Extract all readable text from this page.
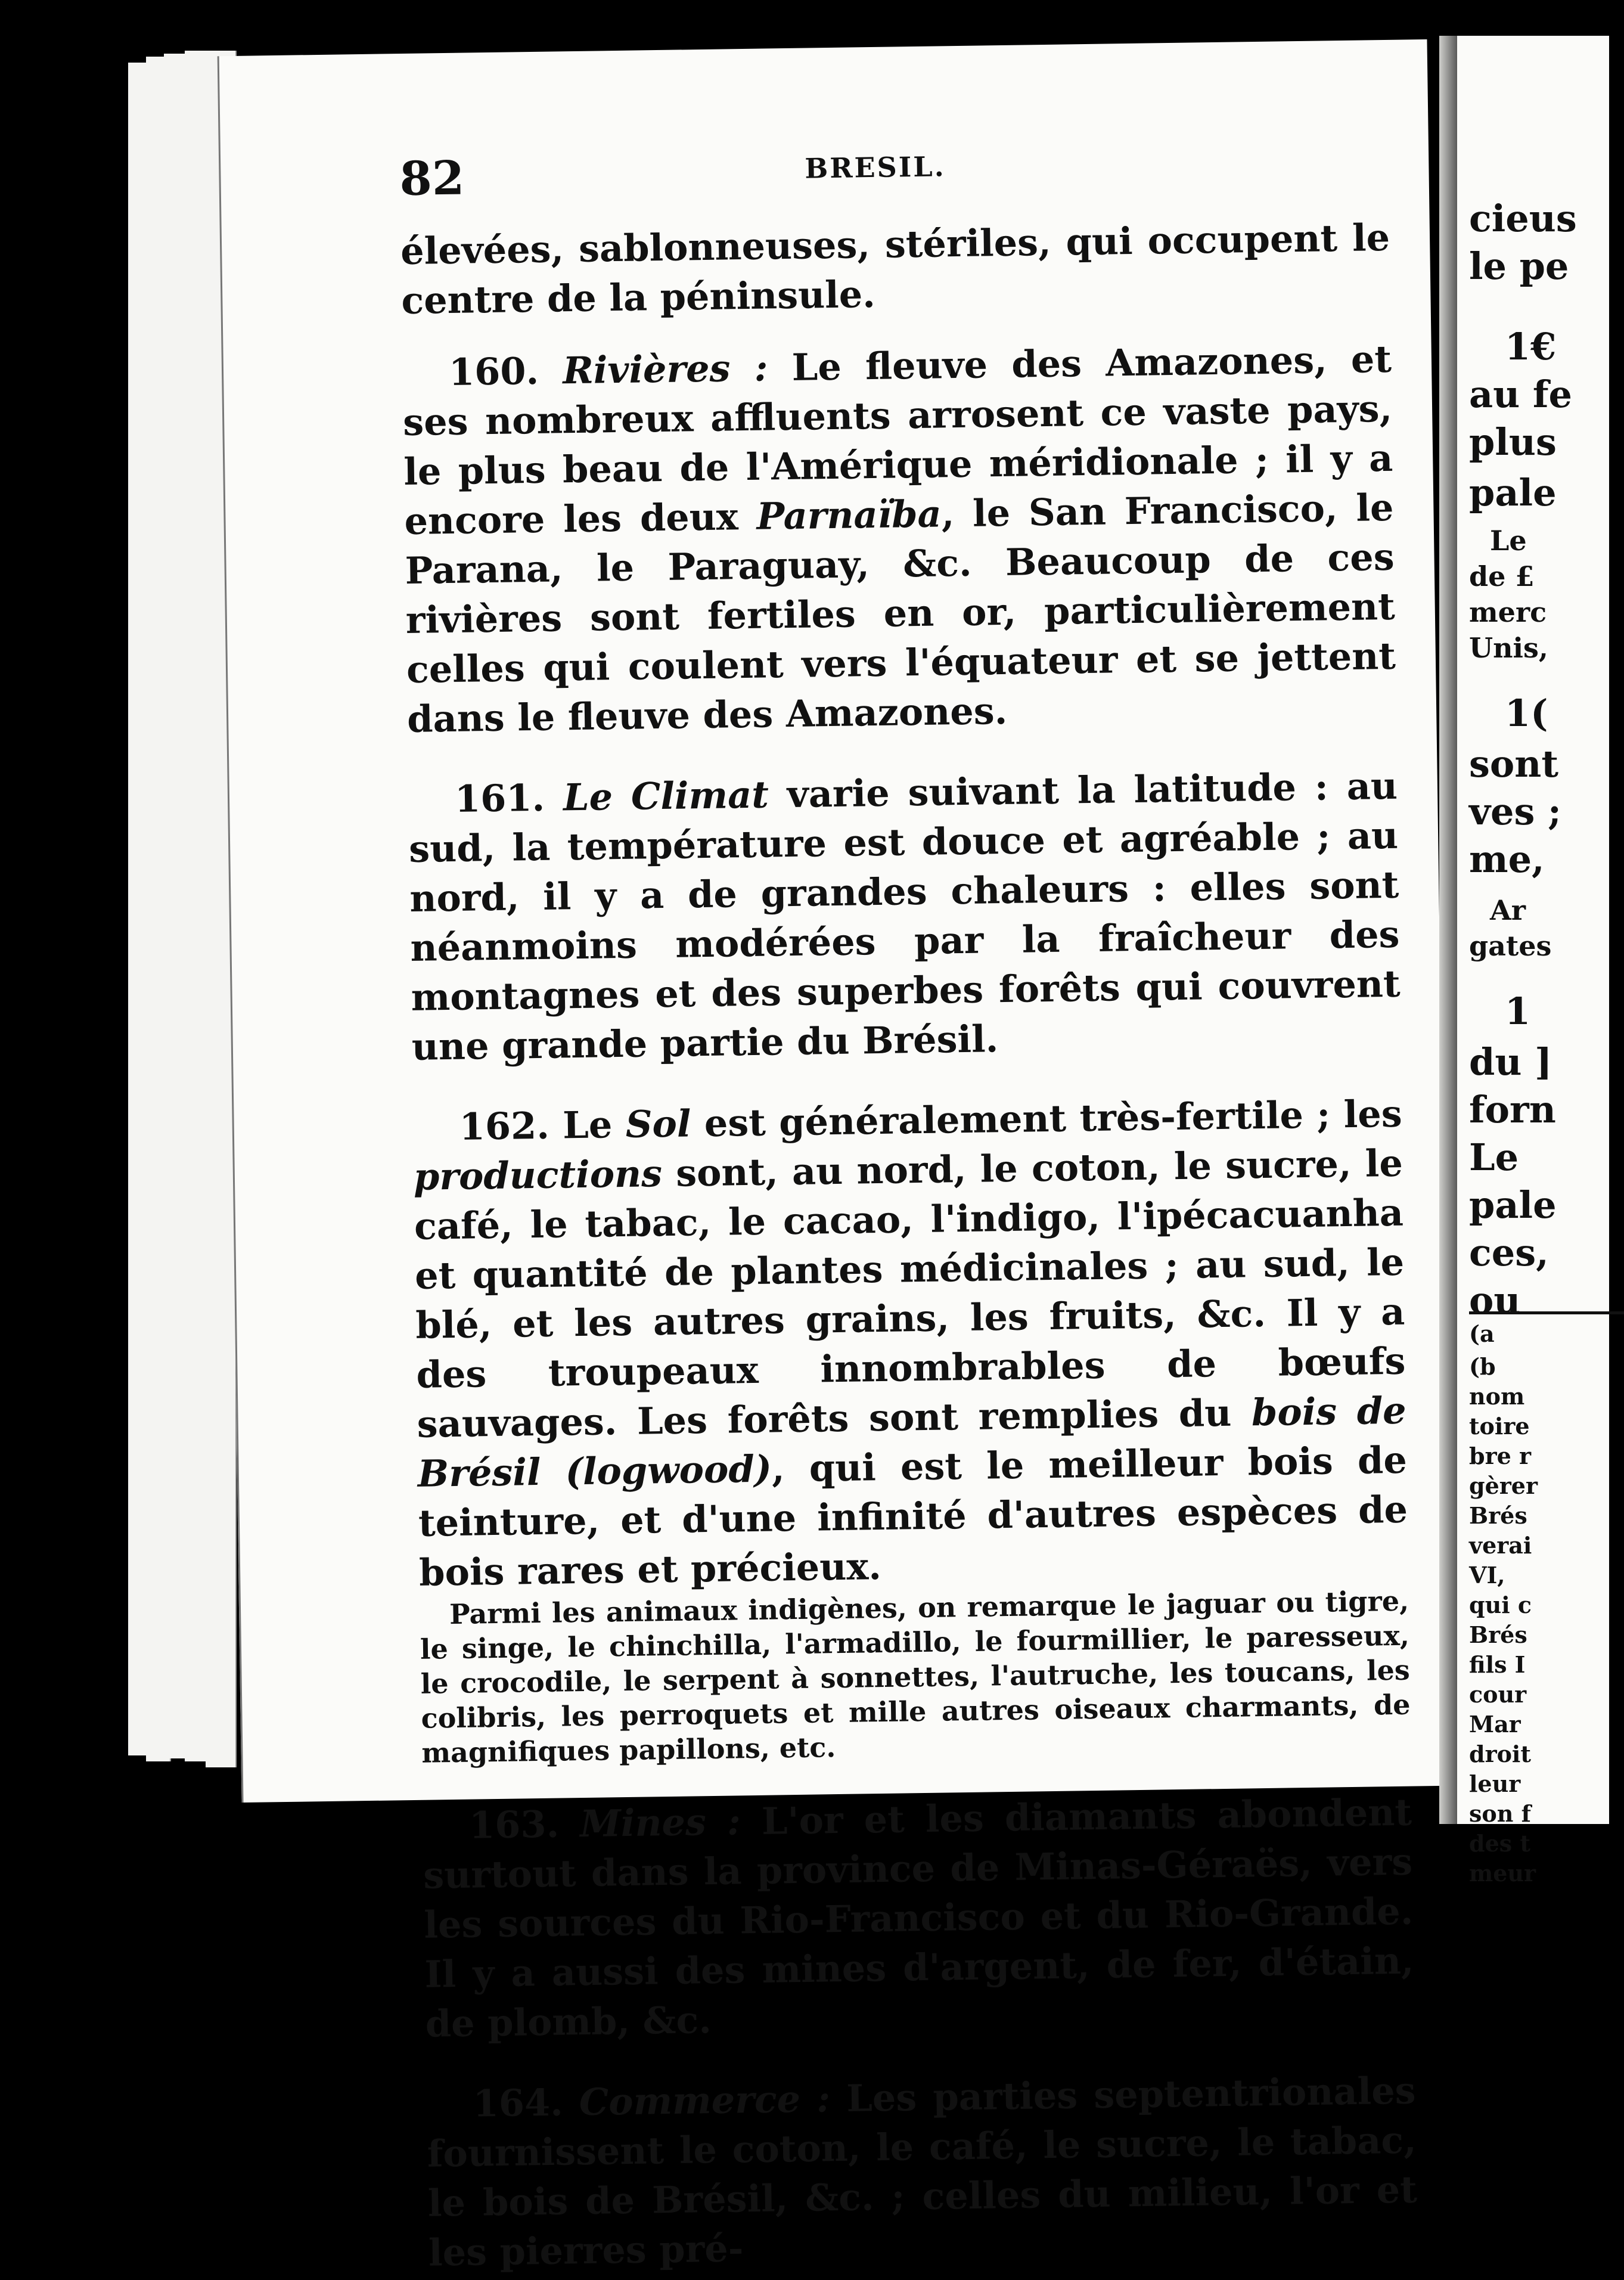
82	BRESIL.

élevées, sablonneuses, stériles, qui occupent le centre de la péninsule.

160. Rivières : Le fleuve des Amazones, et ses nombreux affluents arrosent ce vaste pays, le plus beau de l'Amérique méridionale ; il y a encore les deux Parnaïba, le San Francisco, le Parana, le Paraguay, &c. Beaucoup de ces rivières sont fertiles en or, particulièrement celles qui coulent vers l'équateur et se jettent dans le fleuve des Amazones.

161. Le Climat varie suivant la latitude : au sud, la température est douce et agréable ; au nord, il y a de grandes chaleurs : elles sont néanmoins modérées par la fraîcheur des montagnes et des superbes forêts qui couvrent une grande partie du Brésil.

162. Le Sol est généralement très-fertile ; les productions sont, au nord, le coton, le sucre, le café, le tabac, le cacao, l'indigo, l'ipécacuanha et quantité de plantes médicinales ; au sud, le blé, et les autres grains, les fruits, &c. Il y a des troupeaux innombrables de bœufs sauvages. Les forêts sont remplies du bois de Brésil (logwood), qui est le meilleur bois de teinture, et d'une infinité d'autres espèces de bois rares et précieux.

Parmi les animaux indigènes, on remarque le jaguar ou tigre, le singe, le chinchilla, l'armadillo, le fourmillier, le paresseux, le crocodile, le serpent à sonnettes, l'autruche, les toucans, les colibris, les perroquets et mille autres oiseaux charmants, de magnifiques papillons, etc.

163. Mines : L'or et les diamants abondent surtout dans la province de Minas-Géraës, vers les sources du Rio-Francisco et du Rio-Grande. Il y a aussi des mines d'argent, de fer, d'étain, de plomb, &c.

164. Commerce : Les parties septentrionales fournissent le coton, le café, le sucre, le tabac, le bois de Brésil, &c. ; celles du milieu, l'or et les pierres pré-

cieus
le pe
1€
au fe
plus
pale
Le
de £
merc
Unis,
1(
sont
ves ;
me,
Ar
gates
1
du ]
forn
Le
pale
ces,
ou
(a
(b
nom
toire
bre r
gèrer
Brés
verai
VI,
qui c
Brés
fils I
cour
Mar
droit
leur
son f
des t
meur
